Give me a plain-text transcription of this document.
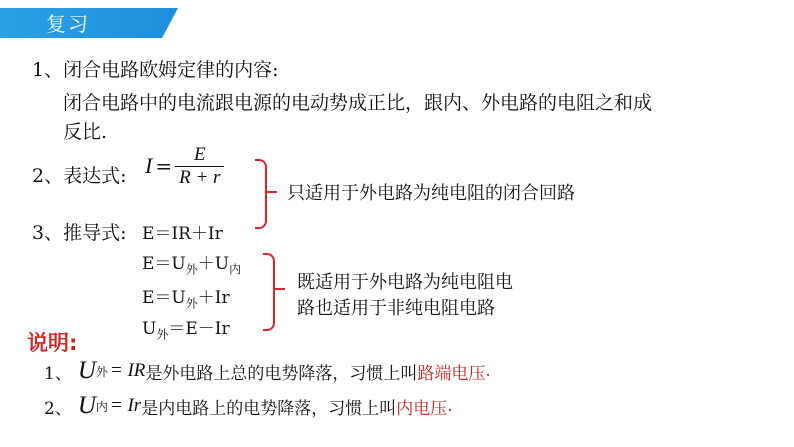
复习
1、闭合电路欧姆定律的内容:
闭合电路中的电流跟电源的电动势成正比，跟内、外电路的电阻之和成
反比.
2、表达式: $I = \frac{E}{R + r}$
3、推导式: E＝IR＋Ir
只适用于外电路为纯电阻的闭合回路
$E=U_外+U_内$
$E=U_外+Ir$
$U_外=E-Ir$
既适用于外电路为纯电阻电
路也适用于非纯电阻电路
说明:
1、 U 外 = IR 是外电路上总的电势降落，习惯上叫 路端电压 .
2、 U 内 = Ir 是内电路上的电势降落，习惯上叫 内电压 .
